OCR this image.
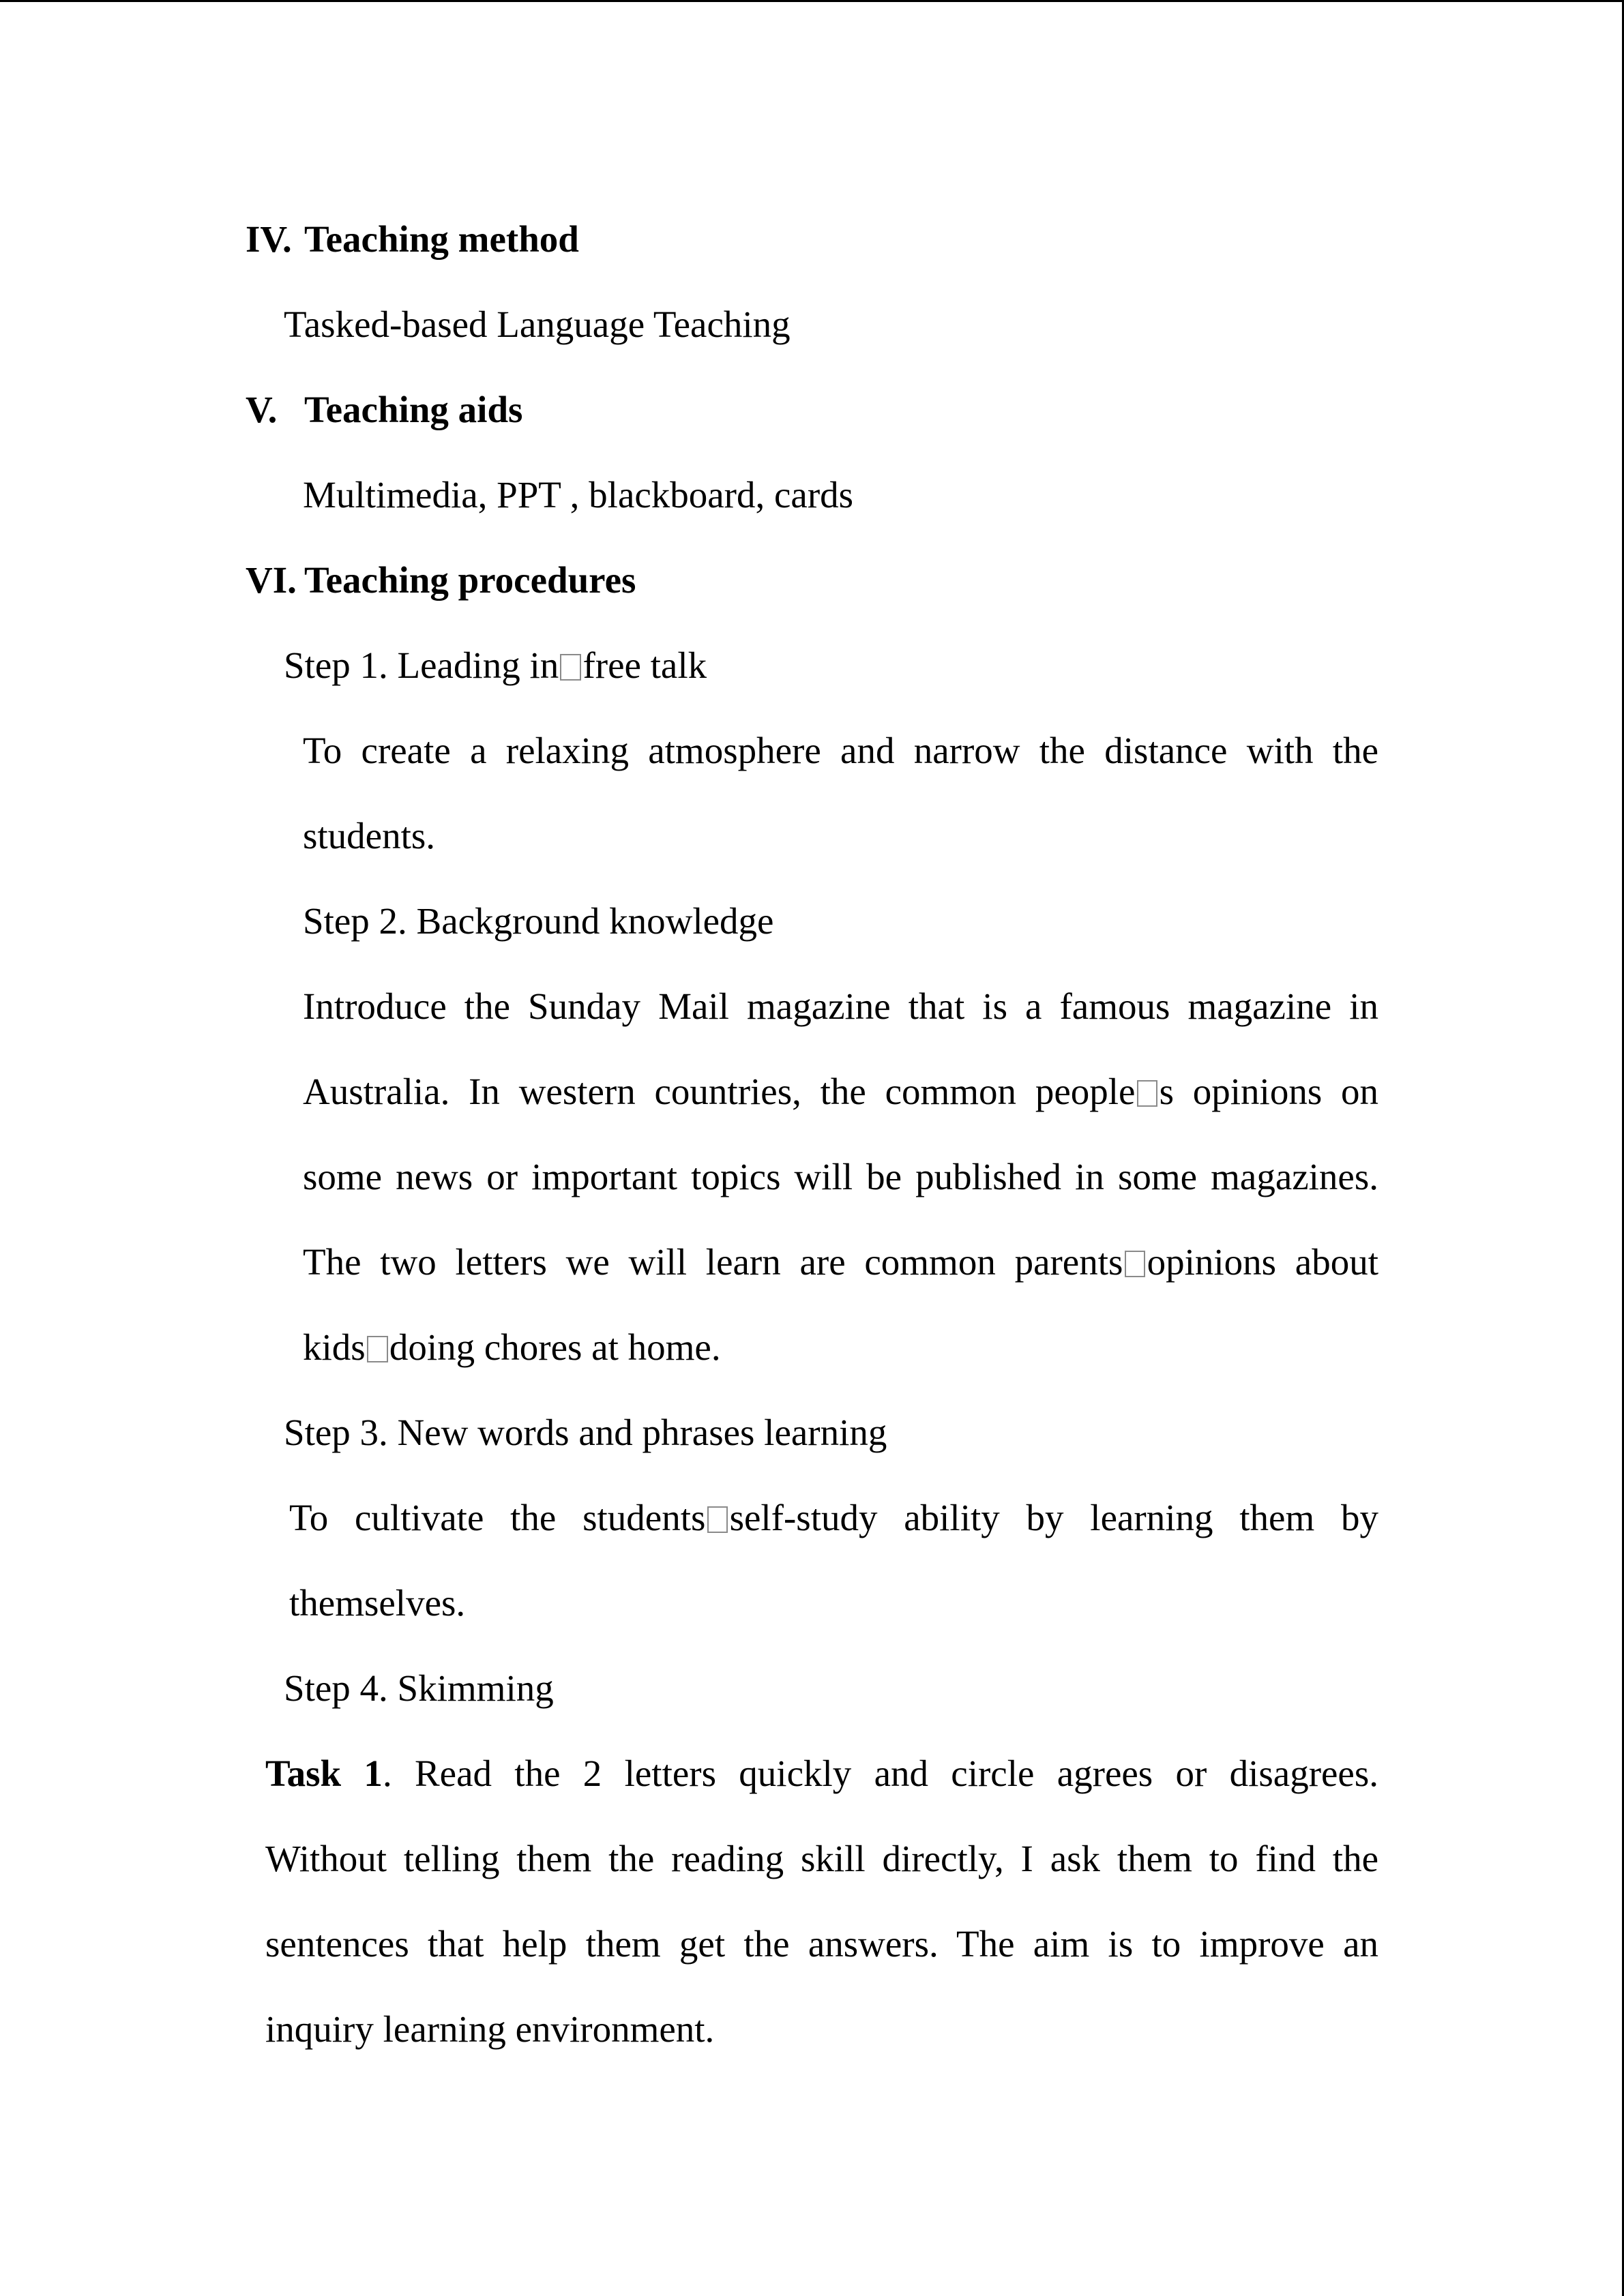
IV. Teaching method
Tasked-based Language Teaching
V. Teaching aids
Multimedia, PPT , blackboard, cards
VI. Teaching procedures
Step 1. Leading in free talk
To create a relaxing atmosphere and narrow the distance with the
students.
Step 2. Background knowledge
Introduce the Sunday Mail magazine that is a famous magazine in
Australia. In western countries, the common people s opinions on
some news or important topics will be published in some magazines.
The two letters we will learn are common parents opinions about
kids doing chores at home.
Step 3. New words and phrases learning
To cultivate the students self-study ability by learning them by
themselves.
Step 4. Skimming
Task 1. Read the 2 letters quickly and circle agrees or disagrees.
Without telling them the reading skill directly, I ask them to find the
sentences that help them get the answers. The aim is to improve an
inquiry learning environment.
